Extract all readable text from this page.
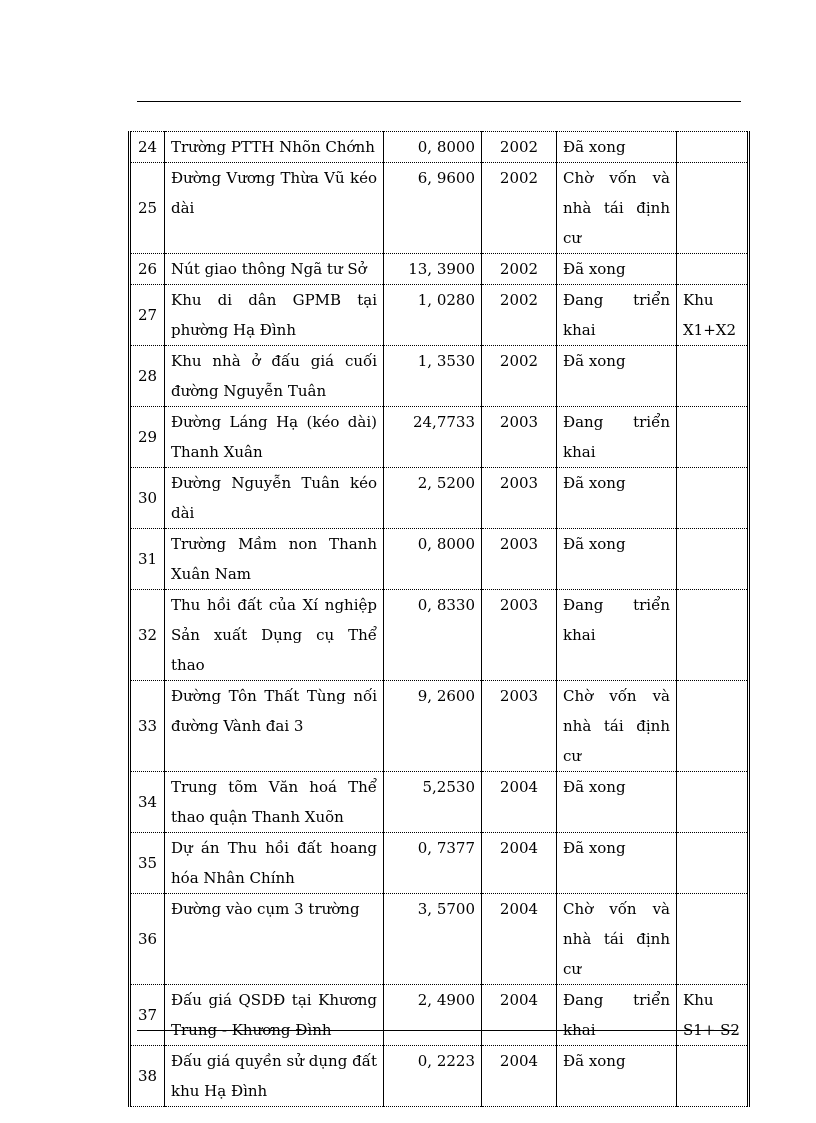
24	Trường PTTH Nhõn Chớnh	0, 8000	2002	Đã xong	
25	Đường Vương Thừa Vũ kéo dài	6, 9600	2002	Chờ vốn và nhà tái định cư	
26	Nút giao thông Ngã tư Sở	13, 3900	2002	Đã xong	
27	Khu di dân GPMB tại phường Hạ Đình	1, 0280	2002	Đang triển khai	Khu X1+X2
28	Khu nhà ở đấu giá cuối đường Nguyễn Tuân	1, 3530	2002	Đã xong	
29	Đường Láng Hạ (kéo dài) Thanh Xuân	24,7733	2003	Đang triển khai	
30	Đường Nguyễn Tuân kéo dài	2, 5200	2003	Đã xong	
31	Trường Mầm non Thanh Xuân Nam	0, 8000	2003	Đã xong	
32	Thu hồi đất của Xí nghiệp Sản xuất Dụng cụ Thể thao	0, 8330	2003	Đang triển khai	
33	Đường Tôn Thất Tùng nối đường Vành đai 3	9, 2600	2003	Chờ vốn và nhà tái định cư	
34	Trung tõm Văn hoá Thể thao quận Thanh Xuõn	5,2530	2004	Đã xong	
35	Dự án Thu hồi đất hoang hóa Nhân Chính	0, 7377	2004	Đã xong	
36	Đường vào cụm 3 trường	3, 5700	2004	Chờ vốn và nhà tái định cư	
37	Đấu giá QSDĐ tại Khương Trung - Khương Đình	2, 4900	2004	Đang triển khai	Khu S1+ S2
38	Đấu giá quyền sử dụng đất khu Hạ Đình	0, 2223	2004	Đã xong	
